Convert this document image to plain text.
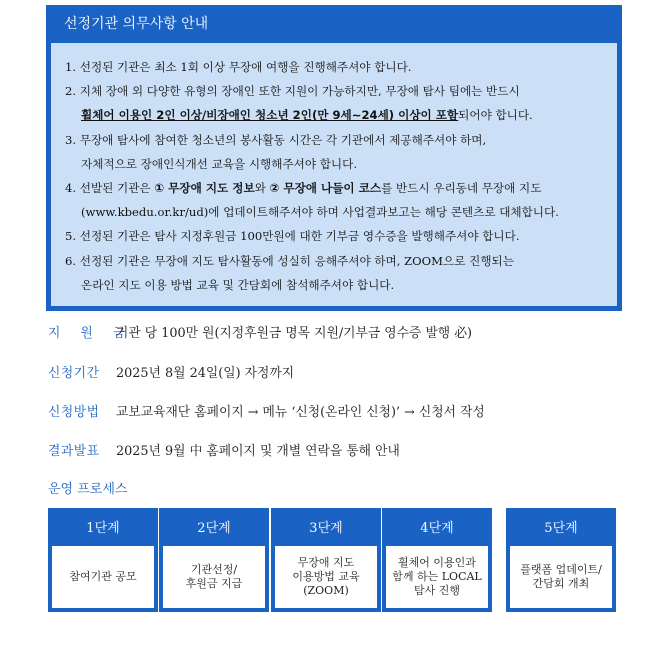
선정기관 의무사항 안내
1. 선정된 기관은 최소 1회 이상 무장애 여행을 진행해주셔야 합니다.
2. 지체 장애 외 다양한 유형의 장애인 또한 지원이 가능하지만, 무장애 탐사 팀에는 반드시
휠체어 이용인 2인 이상/비장애인 청소년 2인(만 9세~24세) 이상이 포함되어야 합니다.
3. 무장애 탐사에 참여한 청소년의 봉사활동 시간은 각 기관에서 제공해주셔야 하며,
자체적으로 장애인식개선 교육을 시행해주셔야 합니다.
4. 선발된 기관은 ① 무장애 지도 정보와 ② 무장애 나들이 코스를 반드시 우리동네 무장애 지도
(www.kbedu.or.kr/ud)에 업데이트해주셔야 하며 사업결과보고는 해당 콘텐츠로 대체합니다.
5. 선정된 기관은 탐사 지정후원금 100만원에 대한 기부금 영수증을 발행해주셔야 합니다.
6. 선정된 기관은 무장애 지도 탐사활동에 성실히 응해주셔야 하며, ZOOM으로 진행되는
온라인 지도 이용 방법 교육 및 간담회에 참석해주셔야 합니다.
지 원 금기관 당 100만 원(지정후원금 명목 지원/기부금 영수증 발행 必)
신청기간 2025년 8월 24일(일) 자정까지
신청방법 교보교육재단 홈페이지 → 메뉴 ‘신청(온라인 신청)’ → 신청서 작성
결과발표 2025년 9월 中 홈페이지 및 개별 연락을 통해 안내
운영 프로세스
1단계
참여기관 공모
2단계
기관선정/
후원금 지급
3단계
무장애 지도
이용방법 교육
(ZOOM)
4단계
휠체어 이용인과
함께 하는 LOCAL
탐사 진행
5단계
플랫폼 업데이트/
간담회 개최
